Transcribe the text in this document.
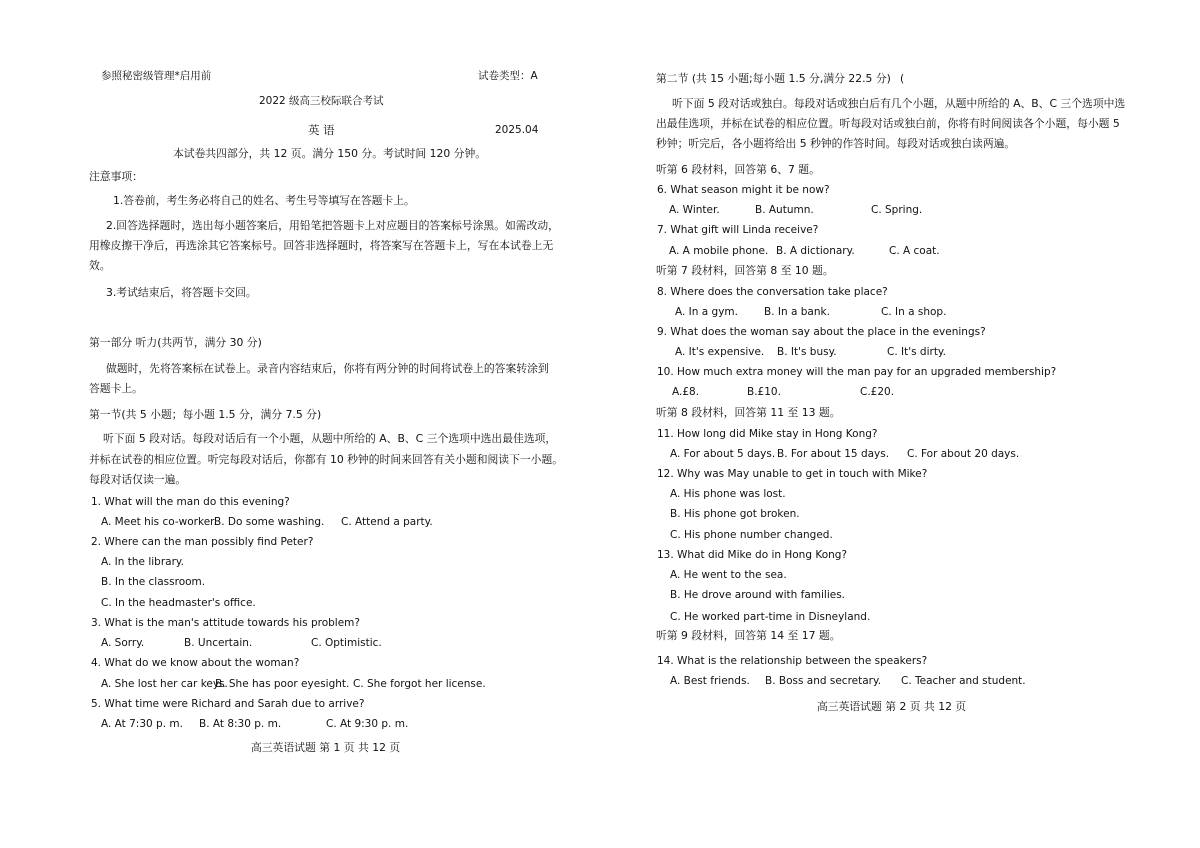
参照秘密级管理*启用前	试卷类型：A
2022 级高三校际联合考试
英 语	2025.04
本试卷共四部分，共 12 页。满分 150 分。考试时间 120 分钟。
注意事项：
1.答卷前，考生务必将自己的姓名、考生号等填写在答题卡上。
2.回答选择题时，选出每小题答案后，用铅笔把答题卡上对应题目的答案标号涂黑。如需改动，
用橡皮擦干净后，再选涂其它答案标号。回答非选择题时，将答案写在答题卡上，写在本试卷上无
效。
3.考试结束后，将答题卡交回。
第一部分 听力(共两节，满分 30 分)
做题时，先将答案标在试卷上。录音内容结束后，你将有两分钟的时间将试卷上的答案转涂到
答题卡上。
第一节(共 5 小题；每小题 1.5 分，满分 7.5 分)
听下面 5 段对话。每段对话后有一个小题，从题中所给的 A、B、C 三个选项中选出最佳选项，
并标在试卷的相应位置。听完每段对话后，你都有 10 秒钟的时间来回答有关小题和阅读下一小题。
每段对话仅读一遍。
1. What will the man do this evening?
A. Meet his co-worker.
B. Do some washing. C. Attend a party.
2. Where can the man possibly find Peter?
A. In the library.
B. In the classroom.
C. In the headmaster's office.
3. What is the man's attitude towards his problem?
A. Sorry.	B. Uncertain.	C. Optimistic.
4. What do we know about the woman?
A. She lost her car keys.
B. She has poor eyesight. C. She forgot her license.
5. What time were Richard and Sarah due to arrive?
A. At 7:30 p. m. B. At 8:30 p. m.	C. At 9:30 p. m.
高三英语试题 第 1 页 共 12 页
第二节 (共 15 小题;每小题 1.5 分,满分 22.5 分) (
听下面 5 段对话或独白。每段对话或独白后有几个小题，从题中所给的 A、B、C 三个选项中选
出最佳选项，并标在试卷的相应位置。听每段对话或独白前，你将有时间阅读各个小题，每小题 5
秒钟；听完后，各小题将给出 5 秒钟的作答时间。每段对话或独白读两遍。
听第 6 段材料，回答第 6、7 题。
6. What season might it be now?
A. Winter.	B. Autumn.	C. Spring.
7. What gift will Linda receive?
A. A mobile phone. B. A dictionary.	C. A coat.
听第 7 段材料，回答第 8 至 10 题。
8. Where does the conversation take place?
A. In a gym. B. In a bank.	C. In a shop.
9. What does the woman say about the place in the evenings?
A. It's expensive. B. It's busy.	C. It's dirty.
10. How much extra money will the man pay for an upgraded membership?
A.£8.	B.£10.	C.£20.
听第 8 段材料，回答第 11 至 13 题。
11. How long did Mike stay in Hong Kong?
A. For about 5 days. B. For about 15 days. C. For about 20 days.
12. Why was May unable to get in touch with Mike?
A. His phone was lost.
B. His phone got broken.
C. His phone number changed.
13. What did Mike do in Hong Kong?
A. He went to the sea.
B. He drove around with families.
C. He worked part-time in Disneyland.
听第 9 段材料，回答第 14 至 17 题。
14. What is the relationship between the speakers?
A. Best friends. B. Boss and secretary. C. Teacher and student.
高三英语试题 第 2 页 共 12 页
